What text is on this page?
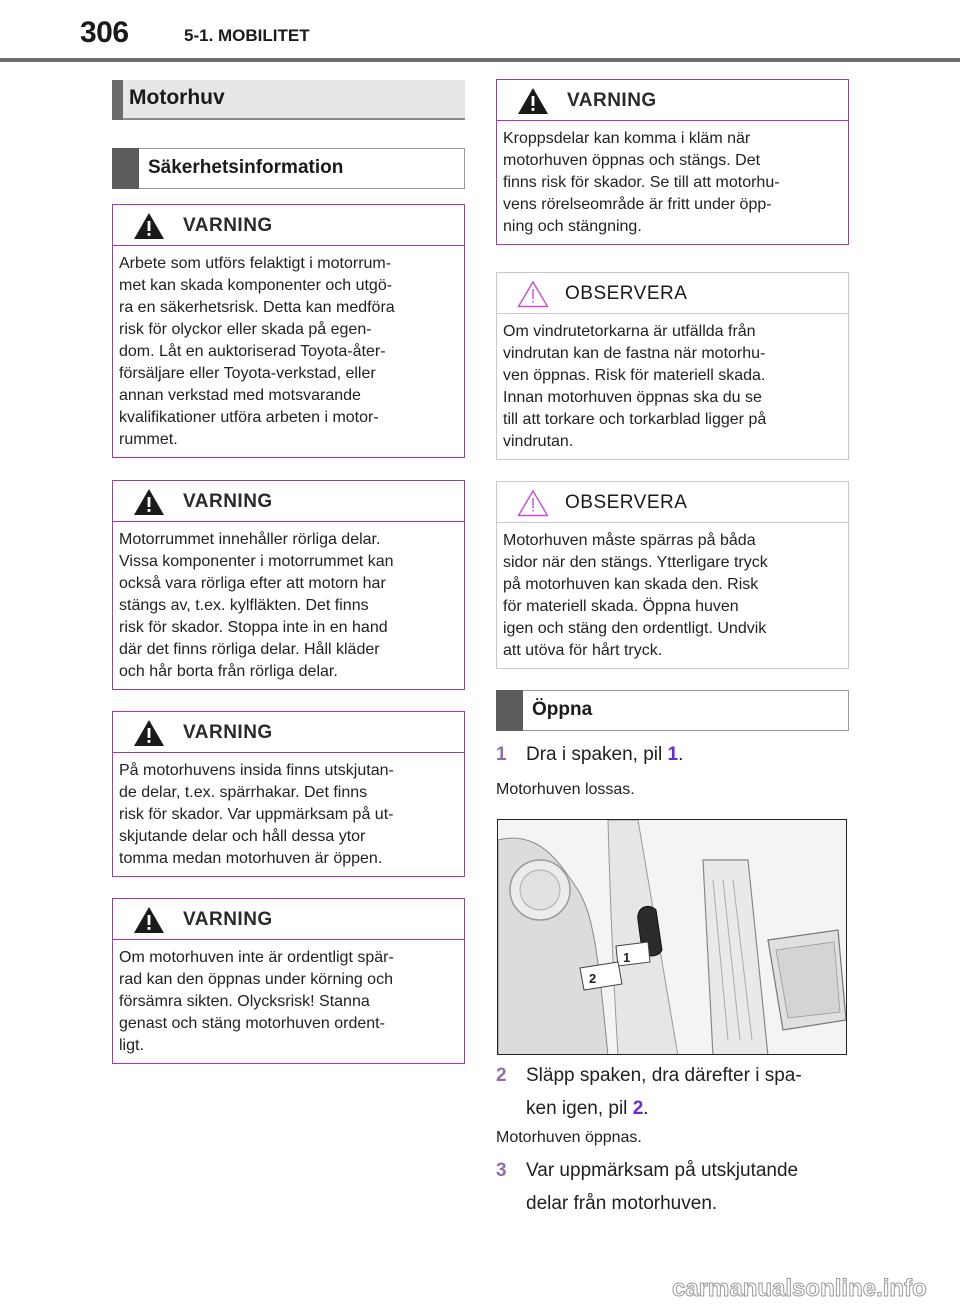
306	5-1. MOBILITET
Motorhuv
Säkerhetsinformation
VARNING
Arbete som utförs felaktigt i motorrum-
met kan skada komponenter och utgö-
ra en säkerhetsrisk. Detta kan medföra
risk för olyckor eller skada på egen-
dom. Låt en auktoriserad Toyota-åter-
försäljare eller Toyota-verkstad, eller
annan verkstad med motsvarande
kvalifikationer utföra arbeten i motor-
rummet.
VARNING
Motorrummet innehåller rörliga delar.
Vissa komponenter i motorrummet kan
också vara rörliga efter att motorn har
stängs av, t.ex. kylfläkten. Det finns
risk för skador. Stoppa inte in en hand
där det finns rörliga delar. Håll kläder
och hår borta från rörliga delar.
VARNING
På motorhuvens insida finns utskjutan-
de delar, t.ex. spärrhakar. Det finns
risk för skador. Var uppmärksam på ut-
skjutande delar och håll dessa ytor
tomma medan motorhuven är öppen.
VARNING
Om motorhuven inte är ordentligt spär-
rad kan den öppnas under körning och
försämra sikten. Olycksrisk! Stanna
genast och stäng motorhuven ordent-
ligt.
VARNING
Kroppsdelar kan komma i kläm när
motorhuven öppnas och stängs. Det
finns risk för skador. Se till att motorhu-
vens rörelseområde är fritt under öpp-
ning och stängning.
OBSERVERA
Om vindrutetorkarna är utfällda från
vindrutan kan de fastna när motorhu-
ven öppnas. Risk för materiell skada.
Innan motorhuven öppnas ska du se
till att torkare och torkarblad ligger på
vindrutan.
OBSERVERA
Motorhuven måste spärras på båda
sidor när den stängs. Ytterligare tryck
på motorhuven kan skada den. Risk
för materiell skada. Öppna huven
igen och stäng den ordentligt. Undvik
att utöva för hårt tryck.
Öppna
1	Dra i spaken, pil 1.
Motorhuven lossas.
1
2
2	Släpp spaken, dra därefter i spa-
ken igen, pil 2.
Motorhuven öppnas.
3	Var uppmärksam på utskjutande
delar från motorhuven.
carmanualsonline.info
